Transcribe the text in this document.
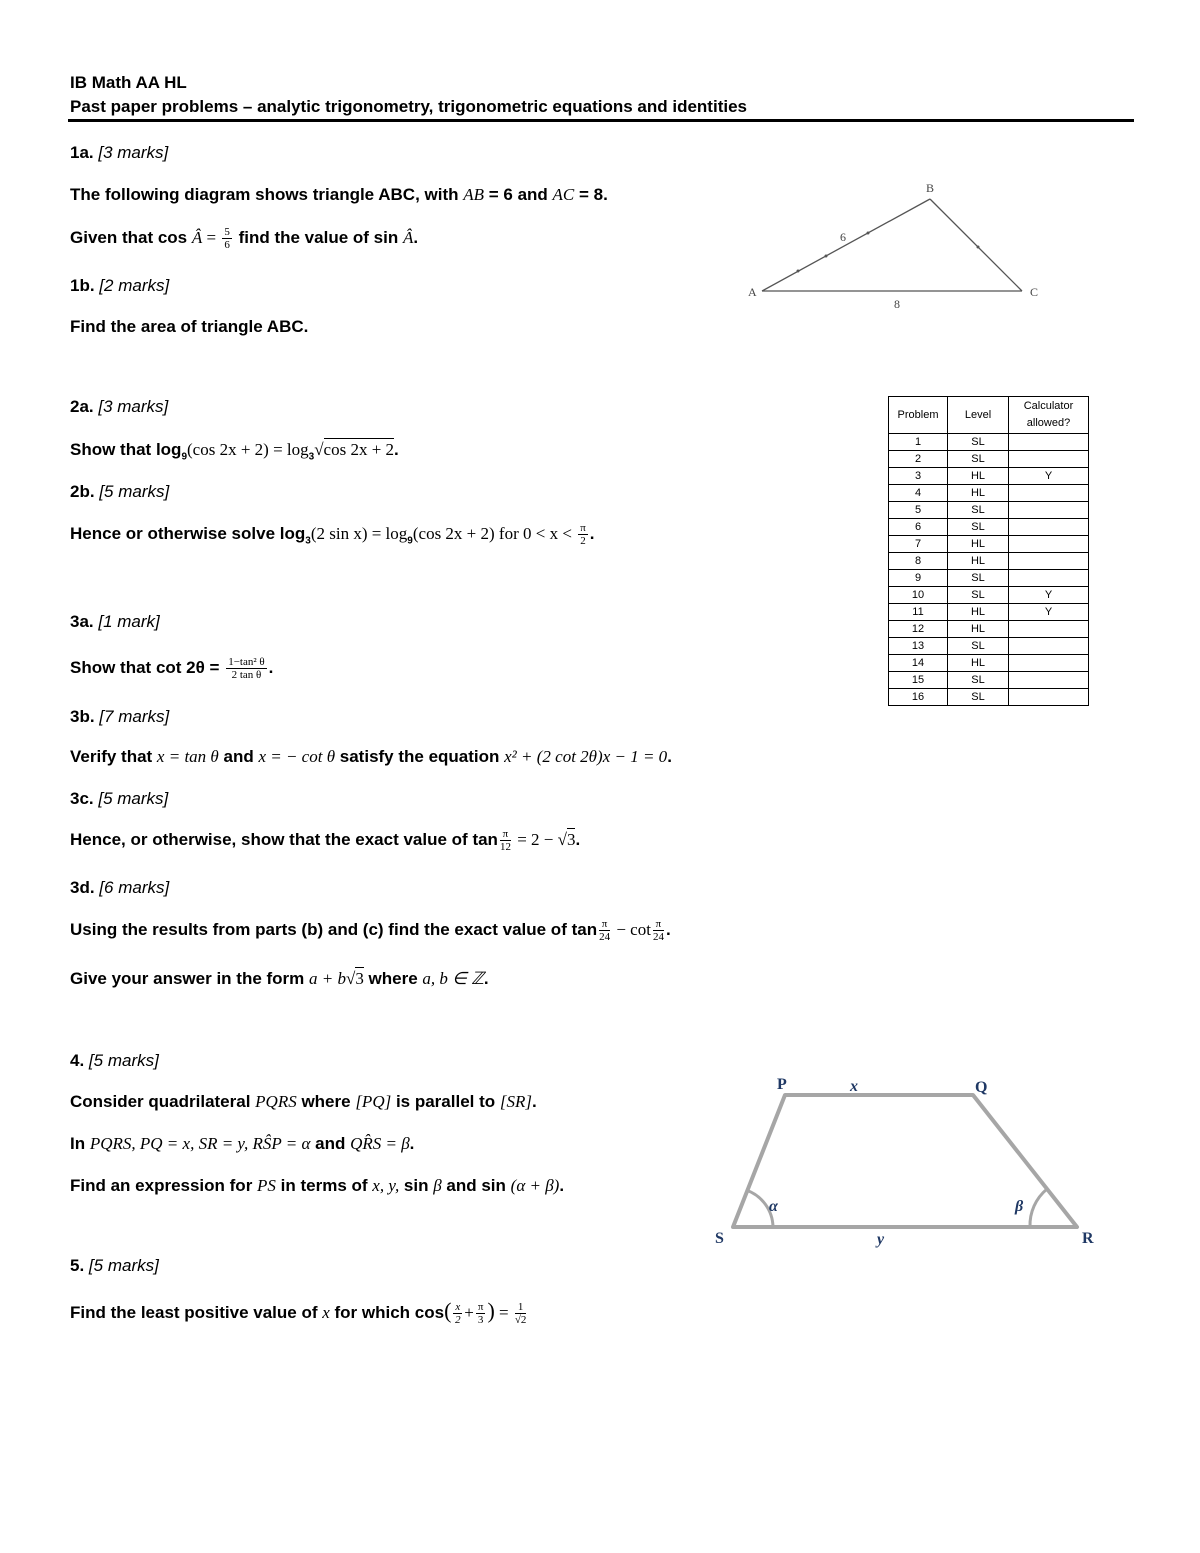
IB Math AA HL
Past paper problems – analytic trigonometry, trigonometric equations and identities
1a. [3 marks]
The following diagram shows triangle ABC, with AB = 6 and AC = 8.
Given that cos Â = $\frac{5}{6}$ find the value of sin Â.
1b. [2 marks]
Find the area of triangle ABC.
A
B
C
6
8
2a. [3 marks]
Show that $\log_9(\cos$ $2x + 2) = \log_3√\cos$ 2x + 2.
2b. [5 marks]
Hence or otherwise solve $\log_3(2$ $\sin x) = \log_9(\cos$ 2x + 2) for $0 < x < \frac{\pi}{2}$ .
3a. [1 mark]
Show that $\cot 2\theta = \frac{\text{1−tan² θ}}{\text{2 tan θ}}$ .
3b. [7 marks]
Verify that x = tan θ and x = − cot θ satisfy the equation x² + (2 cot 2θ)x − 1 = 0.
3c. [5 marks]
Hence, or otherwise, show that the exact value of $\tan \frac{\pi}{12} = 2 - √3$.
3d. [6 marks]
Using the results from parts (b) and (c) find the exact value of $\tan \frac{\pi}{24} - \cot \frac{\pi}{24}$ .
Give your answer in the form a + b√3 where a, b ∈ ℤ.
4. [5 marks]
Consider quadrilateral PQRS where [PQ] is parallel to [SR].
In PQRS, PQ = x, SR = y, RŜP = α and QR̂S = β.
Find an expression for PS in terms of x, y, sin β and sin (α + β).
P	Q
R
S
x
y
α	β
5. [5 marks]
Find the least positive value of x for which $\cos( \frac{x}{2} + \frac{\pi}{3}$ ) = $\frac{1}{√2}$
Problem	Level	Calculator allowed?
1	SL	
2	SL	
3	HL	Y
4	HL	
5	SL	
6	SL	
7	HL	
8	HL	
9	SL	
10	SL	Y
11	HL	Y
12	HL	
13	SL	
14	HL	
15	SL	
16	SL	
